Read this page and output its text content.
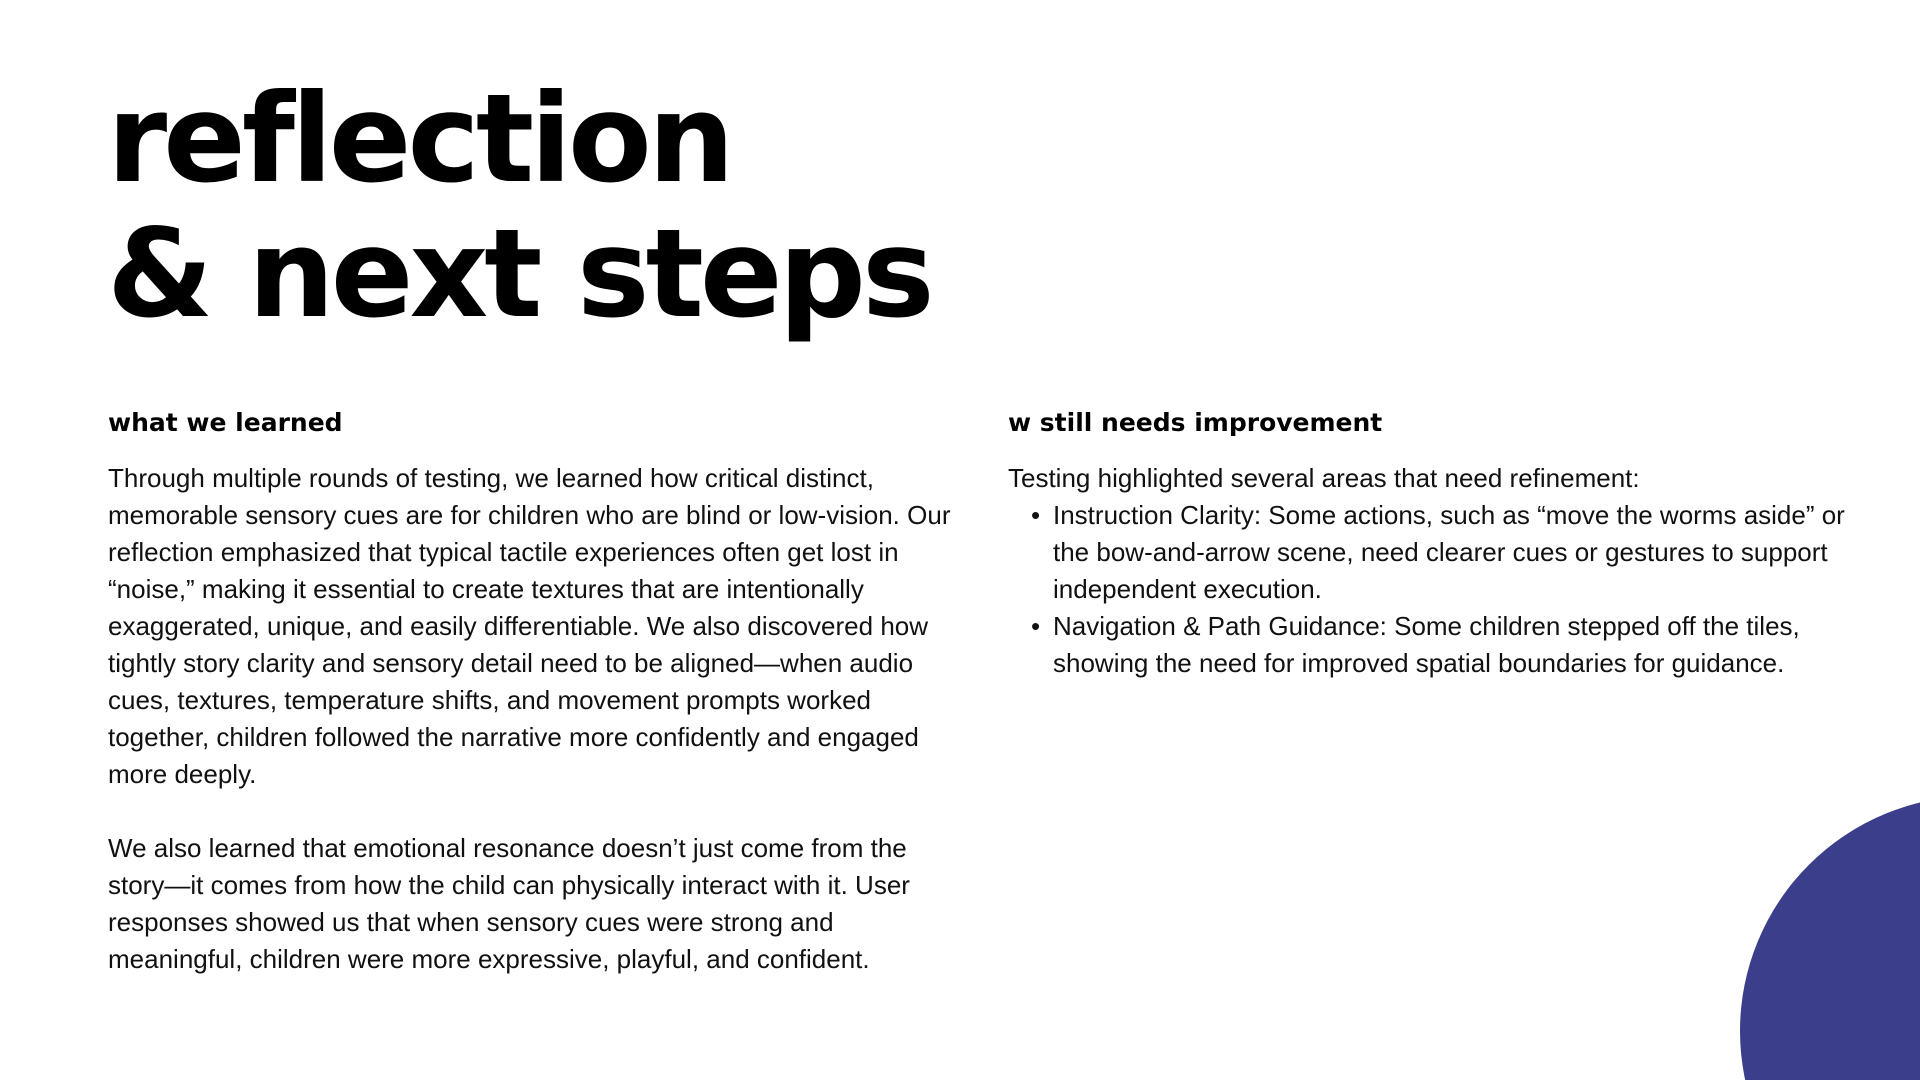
reflection
& next steps
what we learned

Through multiple rounds of testing, we learned how critical distinct, memorable sensory cues are for children who are blind or low-vision. Our reflection emphasized that typical tactile experiences often get lost in “noise,” making it essential to create textures that are intentionally exaggerated, unique, and easily differentiable. We also discovered how tightly story clarity and sensory detail need to be aligned—when audio cues, textures, temperature shifts, and movement prompts worked together, children followed the narrative more confidently and engaged more deeply.

We also learned that emotional resonance doesn’t just come from the story—it comes from how the child can physically interact with it. User responses showed us that when sensory cues were strong and meaningful, children were more expressive, playful, and confident.

w still needs improvement

Testing highlighted several areas that need refinement:

• Instruction Clarity: Some actions, such as “move the worms aside” or the bow-and-arrow scene, need clearer cues or gestures to support independent execution.
• Navigation & Path Guidance: Some children stepped off the tiles, showing the need for improved spatial boundaries for guidance.
